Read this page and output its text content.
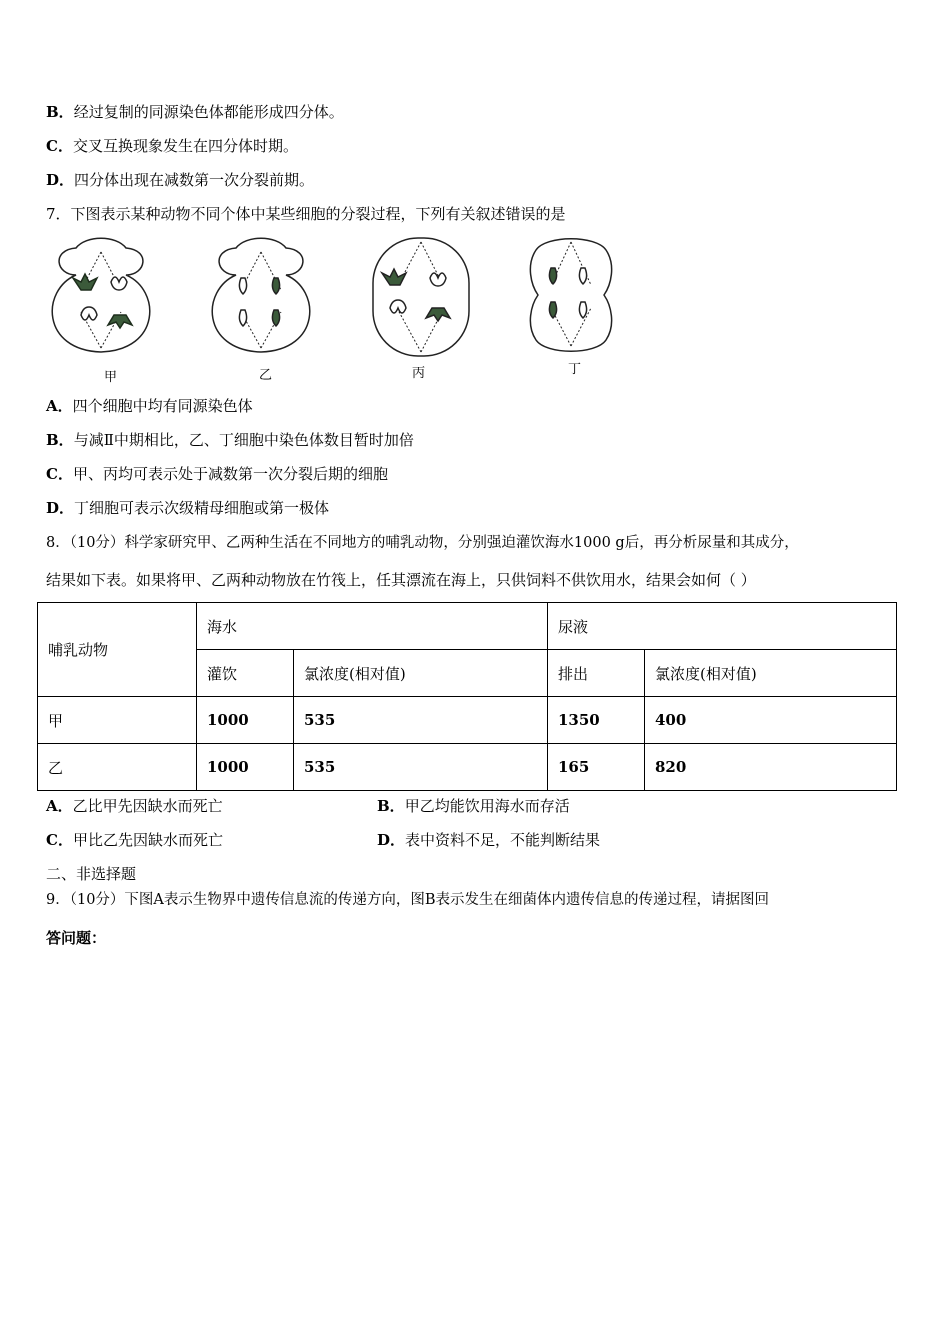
B．经过复制的同源染色体都能形成四分体。
C．交叉互换现象发生在四分体时期。
D．四分体出现在减数第一次分裂前期。
7．下图表示某种动物不同个体中某些细胞的分裂过程，下列有关叙述错误的是
甲	乙	丙	丁
A．四个细胞中均有同源染色体
B．与减Ⅱ中期相比，乙、丁细胞中染色体数目暂时加倍
C．甲、丙均可表示处于减数第一次分裂后期的细胞
D．丁细胞可表示次级精母细胞或第一极体
8．（10分）科学家研究甲、乙两种生活在不同地方的哺乳动物，分别强迫灌饮海水1000 g后，再分析尿量和其成分，
结果如下表。如果将甲、乙两种动物放在竹筏上，任其漂流在海上，只供饲料不供饮用水，结果会如何（ ）
哺乳动物	海水		尿液	
	灌饮	氯浓度(相对值)	排出	氯浓度(相对值)
甲	1000	535	1350	400
乙	1000	535	165	820
A．乙比甲先因缺水而死亡	B．甲乙均能饮用海水而存活
C．甲比乙先因缺水而死亡	D．表中资料不足，不能判断结果
二、非选择题
9．（10分）下图A表示生物界中遗传信息流的传递方向，图B表示发生在细菌体内遗传信息的传递过程，请据图回
答问题：
